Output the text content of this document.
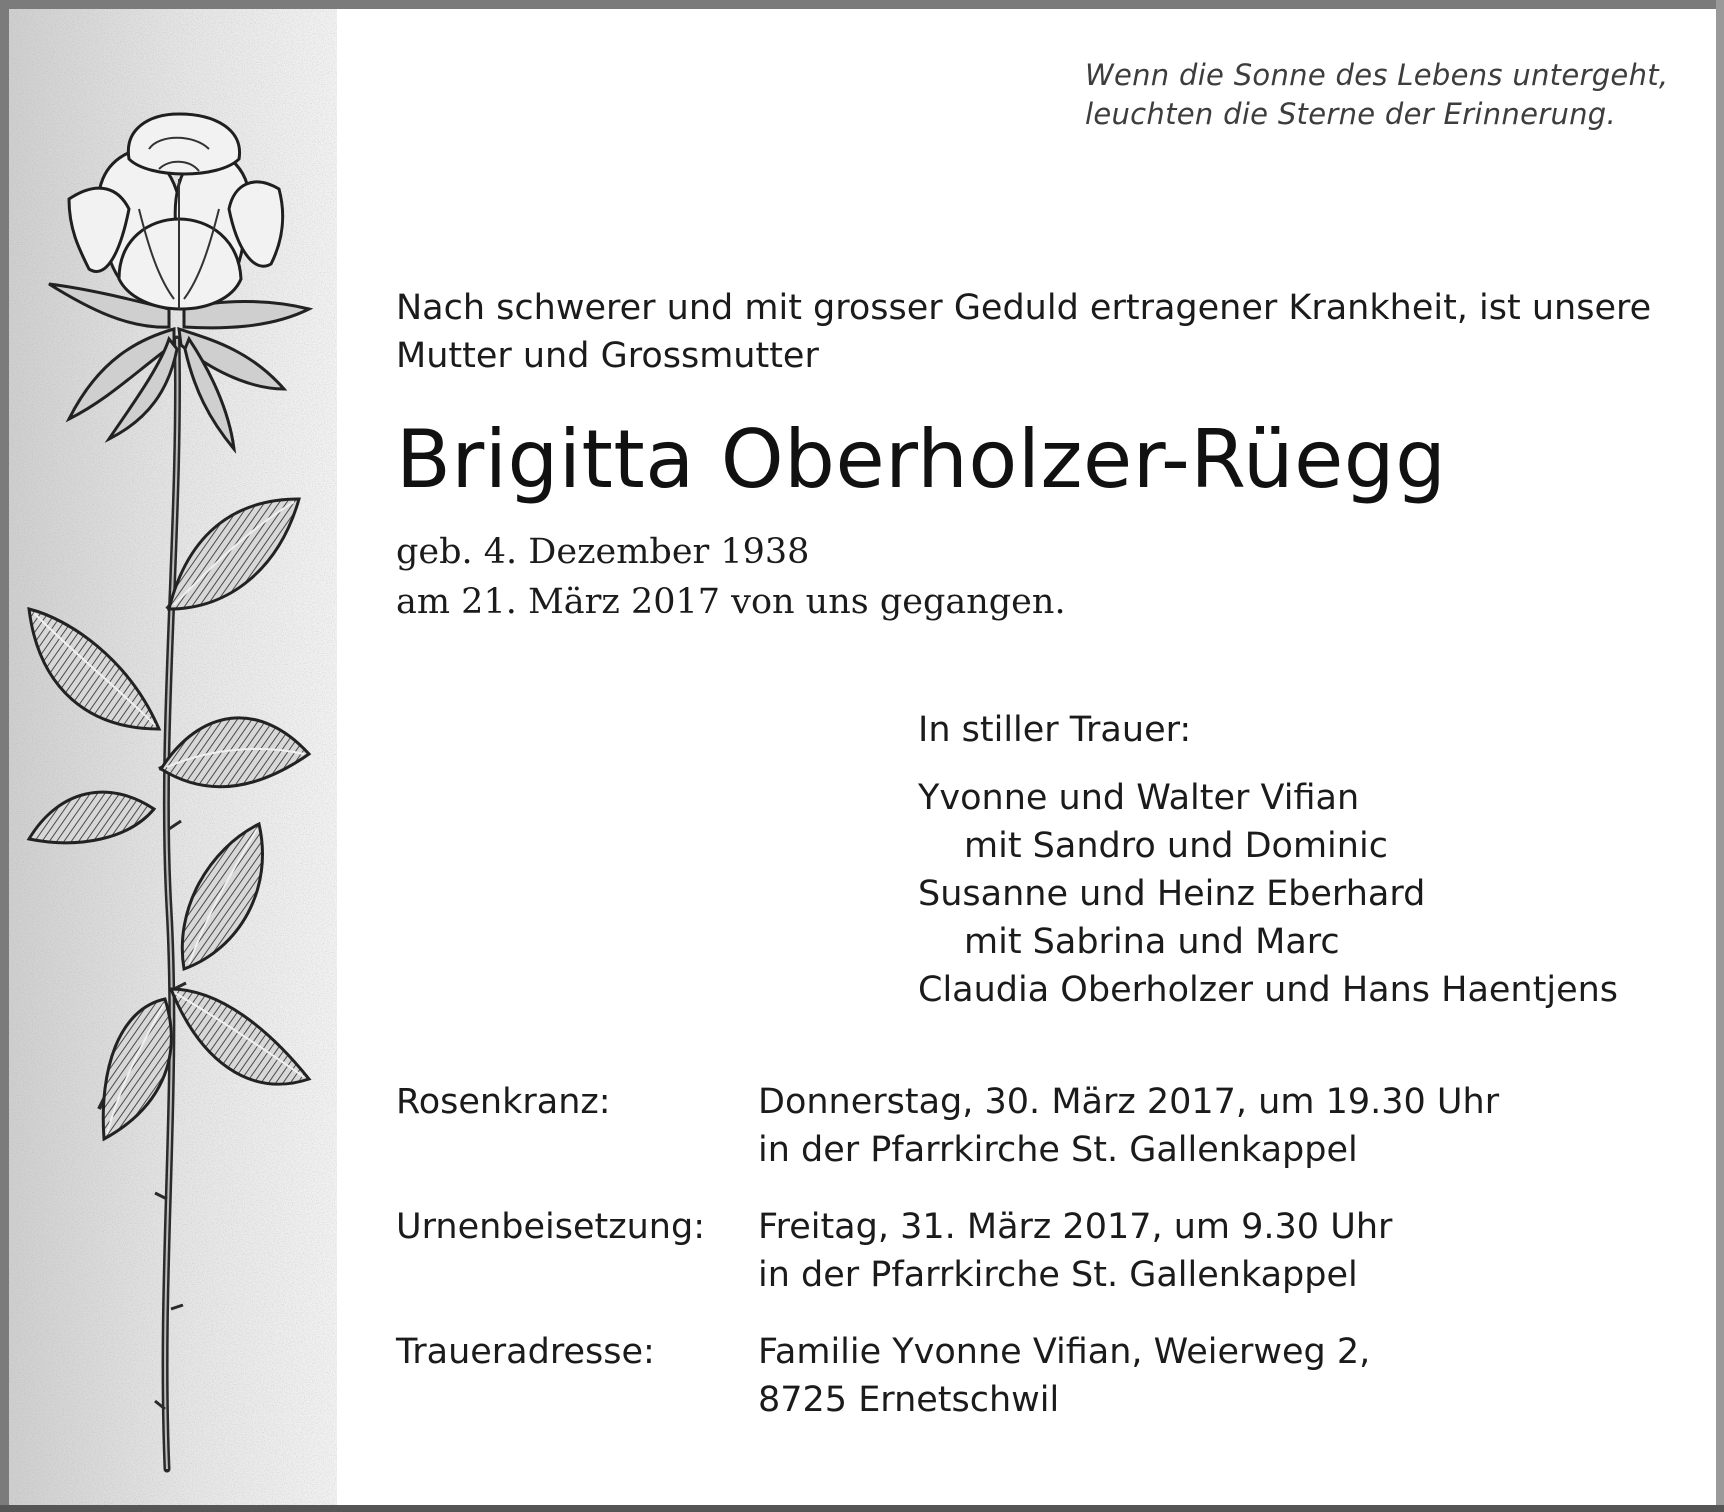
Wenn die Sonne des Lebens untergeht,
leuchten die Sterne der Erinnerung.
Nach schwerer und mit grosser Geduld ertragener Krankheit, ist unsere
Mutter und Grossmutter
Brigitta Oberholzer-Rüegg
geb. 4. Dezember 1938
am 21. März 2017 von uns gegangen.
In stiller Trauer:
Yvonne und Walter Vifian
mit Sandro und Dominic
Susanne und Heinz Eberhard
mit Sabrina und Marc
Claudia Oberholzer und Hans Haentjens
Rosenkranz:	Donnerstag, 30. März 2017, um 19.30 Uhr
in der Pfarrkirche St. Gallenkappel
Urnenbeisetzung: Freitag, 31. März 2017, um 9.30 Uhr
in der Pfarrkirche St. Gallenkappel
Traueradresse:	Familie Yvonne Vifian, Weierweg 2,
8725 Ernetschwil
